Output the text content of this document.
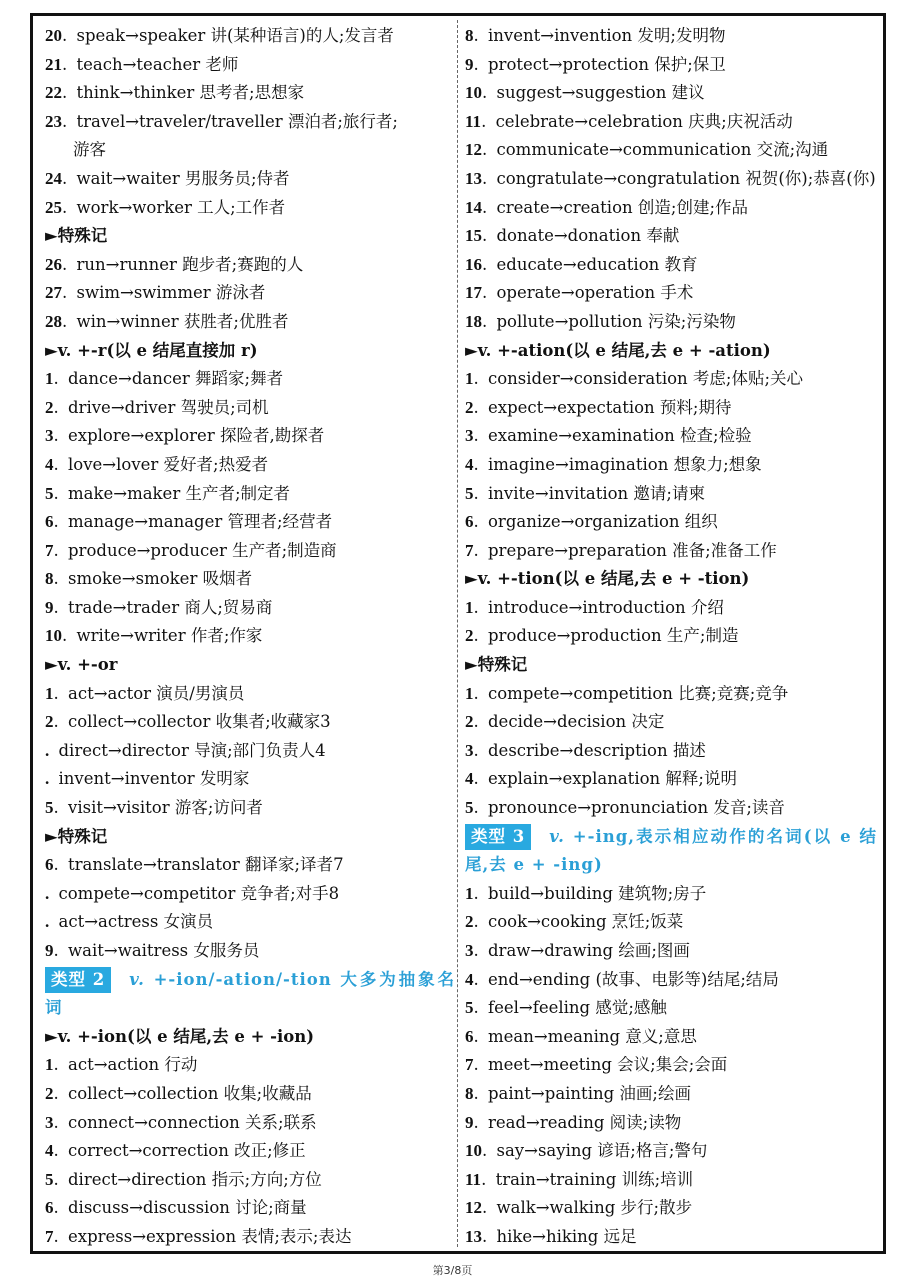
20. speak→speaker 讲(某种语言)的人;发言者
21. teach→teacher 老师
22. think→thinker 思考者;思想家
23. travel→traveler/traveller 漂泊者;旅行者;
游客
24. wait→waiter 男服务员;侍者
25. work→worker 工人;工作者
►特殊记
26. run→runner 跑步者;赛跑的人
27. swim→swimmer 游泳者
28. win→winner 获胜者;优胜者
►v. +-r(以 e 结尾直接加 r)
1. dance→dancer 舞蹈家;舞者
2. drive→driver 驾驶员;司机
3. explore→explorer 探险者,勘探者
4. love→lover 爱好者;热爱者
5. make→maker 生产者;制定者
6. manage→manager 管理者;经营者
7. produce→producer 生产者;制造商
8. smoke→smoker 吸烟者
9. trade→trader 商人;贸易商
10. write→writer 作者;作家
►v. +-or
1. act→actor 演员/男演员
2. collect→collector 收集者;收藏家3
. direct→director 导演;部门负责人4
. invent→inventor 发明家
5. visit→visitor 游客;访问者
►特殊记
6. translate→translator 翻译家;译者7
. compete→competitor 竞争者;对手8
. act→actress 女演员
9. wait→waitress 女服务员
类型 2 v. +-ion/-ation/-tion 大多为抽象名词
►v. +-ion(以 e 结尾,去 e + -ion)
1. act→action 行动
2. collect→collection 收集;收藏品
3. connect→connection 关系;联系
4. correct→correction 改正;修正
5. direct→direction 指示;方向;方位
6. discuss→discussion 讨论;商量
7. express→expression 表情;表示;表达
8. invent→invention 发明;发明物
9. protect→protection 保护;保卫
10. suggest→suggestion 建议
11. celebrate→celebration 庆典;庆祝活动
12. communicate→communication 交流;沟通
13. congratulate→congratulation 祝贺(你);恭喜(你)
14. create→creation 创造;创建;作品
15. donate→donation 奉献
16. educate→education 教育
17. operate→operation 手术
18. pollute→pollution 污染;污染物
►v. +-ation(以 e 结尾,去 e + -ation)
1. consider→consideration 考虑;体贴;关心
2. expect→expectation 预料;期待
3. examine→examination 检查;检验
4. imagine→imagination 想象力;想象
5. invite→invitation 邀请;请柬
6. organize→organization 组织
7. prepare→preparation 准备;准备工作
►v. +-tion(以 e 结尾,去 e + -tion)
1. introduce→introduction 介绍
2. produce→production 生产;制造
►特殊记
1. compete→competition 比赛;竞赛;竞争
2. decide→decision 决定
3. describe→description 描述
4. explain→explanation 解释;说明
5. pronounce→pronunciation 发音;读音
类型 3 v. +-ing,表示相应动作的名词(以 e 结尾,去 e + -ing)
1. build→building 建筑物;房子
2. cook→cooking 烹饪;饭菜
3. draw→drawing 绘画;图画
4. end→ending (故事、电影等)结尾;结局
5. feel→feeling 感觉;感触
6. mean→meaning 意义;意思
7. meet→meeting 会议;集会;会面
8. paint→painting 油画;绘画
9. read→reading 阅读;读物
10. say→saying 谚语;格言;警句
11. train→training 训练;培训
12. walk→walking 步行;散步
13. hike→hiking 远足
第3/8页
